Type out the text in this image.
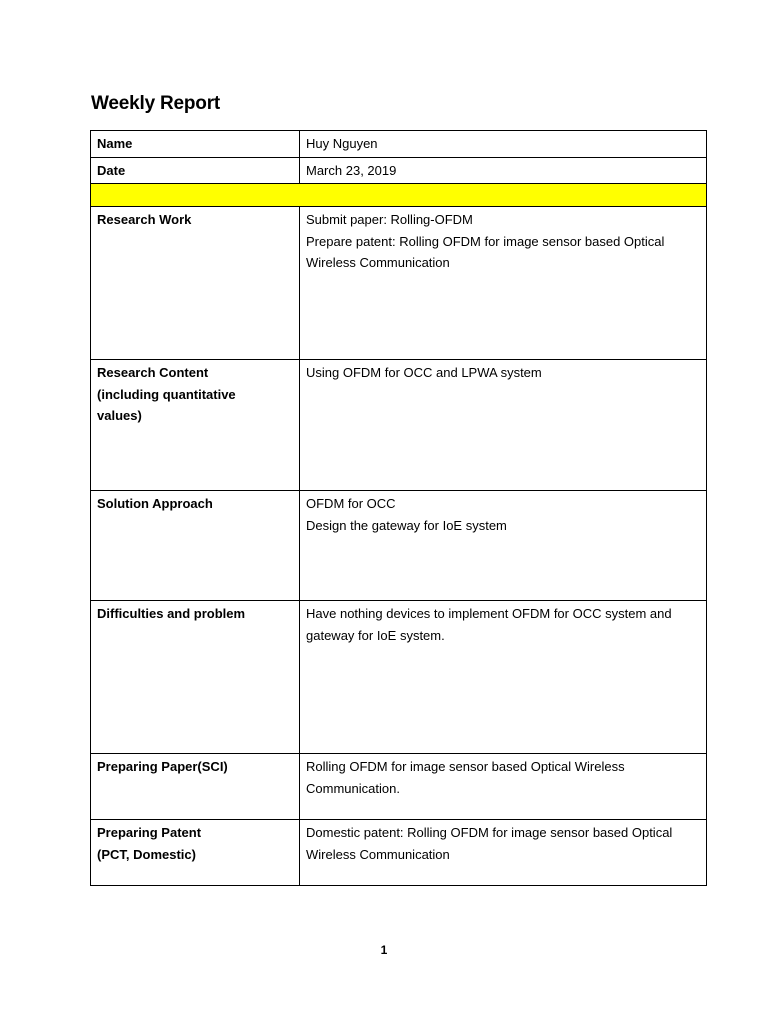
Weekly Report
Name	Huy Nguyen

Date	March 23, 2019

Research Work	Submit paper: Rolling-OFDM
Prepare patent: Rolling OFDM for image sensor based Optical
Wireless Communication

Research Content
(including quantitative
values)	Using OFDM for OCC and LPWA system

Solution Approach	OFDM for OCC
Design the gateway for IoE system

Difficulties and problem	Have nothing devices to implement OFDM for OCC system and
gateway for IoE system.

Preparing Paper(SCI)	Rolling OFDM for image sensor based Optical Wireless
Communication.

Preparing Patent
(PCT, Domestic)	Domestic patent: Rolling OFDM for image sensor based Optical
Wireless Communication
1
